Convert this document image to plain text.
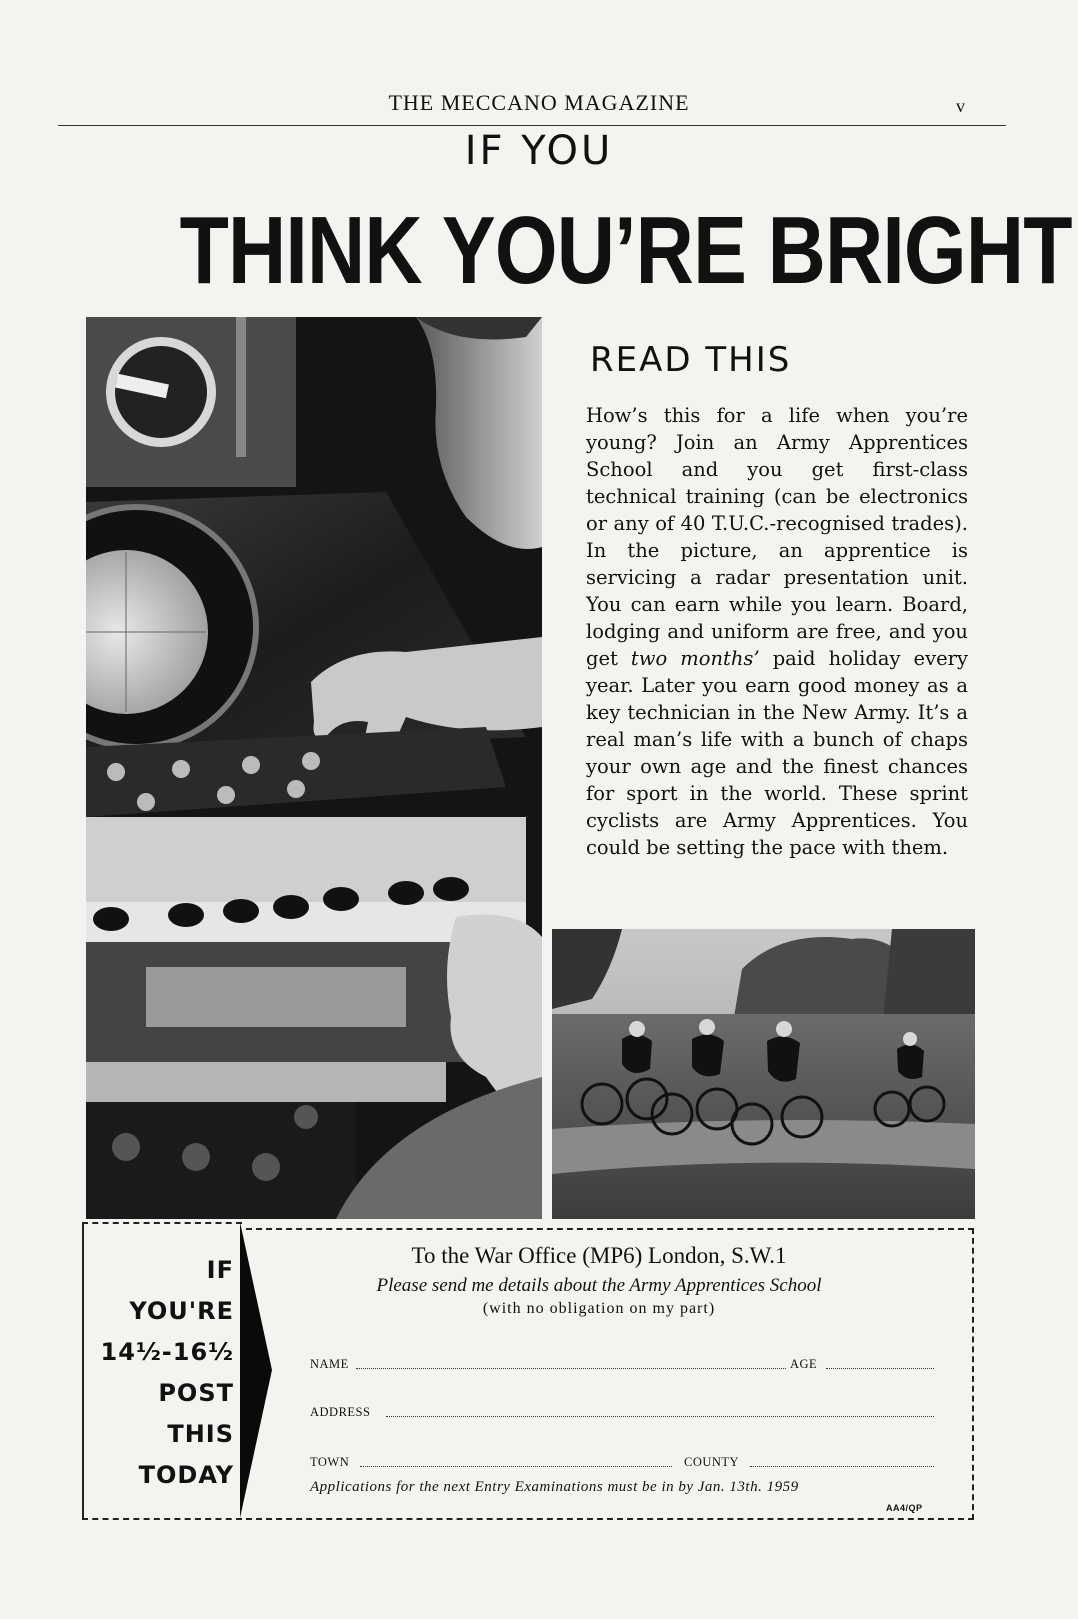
THE MECCANO MAGAZINE	v
IF YOU
THINK YOU’RE BRIGHT
READ THIS
How’s this for a life when you’re young? Join an Army Apprentices School and you get first-class technical training (can be electronics or any of 40 T.U.C.-recognised trades). In the picture, an apprentice is servicing a radar presentation unit. You can earn while you learn. Board, lodging and uniform are free, and you get two months’ paid holiday every year. Later you earn good money as a key technician in the New Army. It’s a real man’s life with a bunch of chaps your own age and the finest chances for sport in the world. These sprint cyclists are Army Apprentices. You could be setting the pace with them.
IF
YOU'RE
14½-16½
POST
THIS
TODAY
To the War Office (MP6) London, S.W.1
Please send me details about the Army Apprentices School
(with no obligation on my part)
NAME	AGE
ADDRESS
TOWN	COUNTY
Applications for the next Entry Examinations must be in by Jan. 13th. 1959
AA4/QP
